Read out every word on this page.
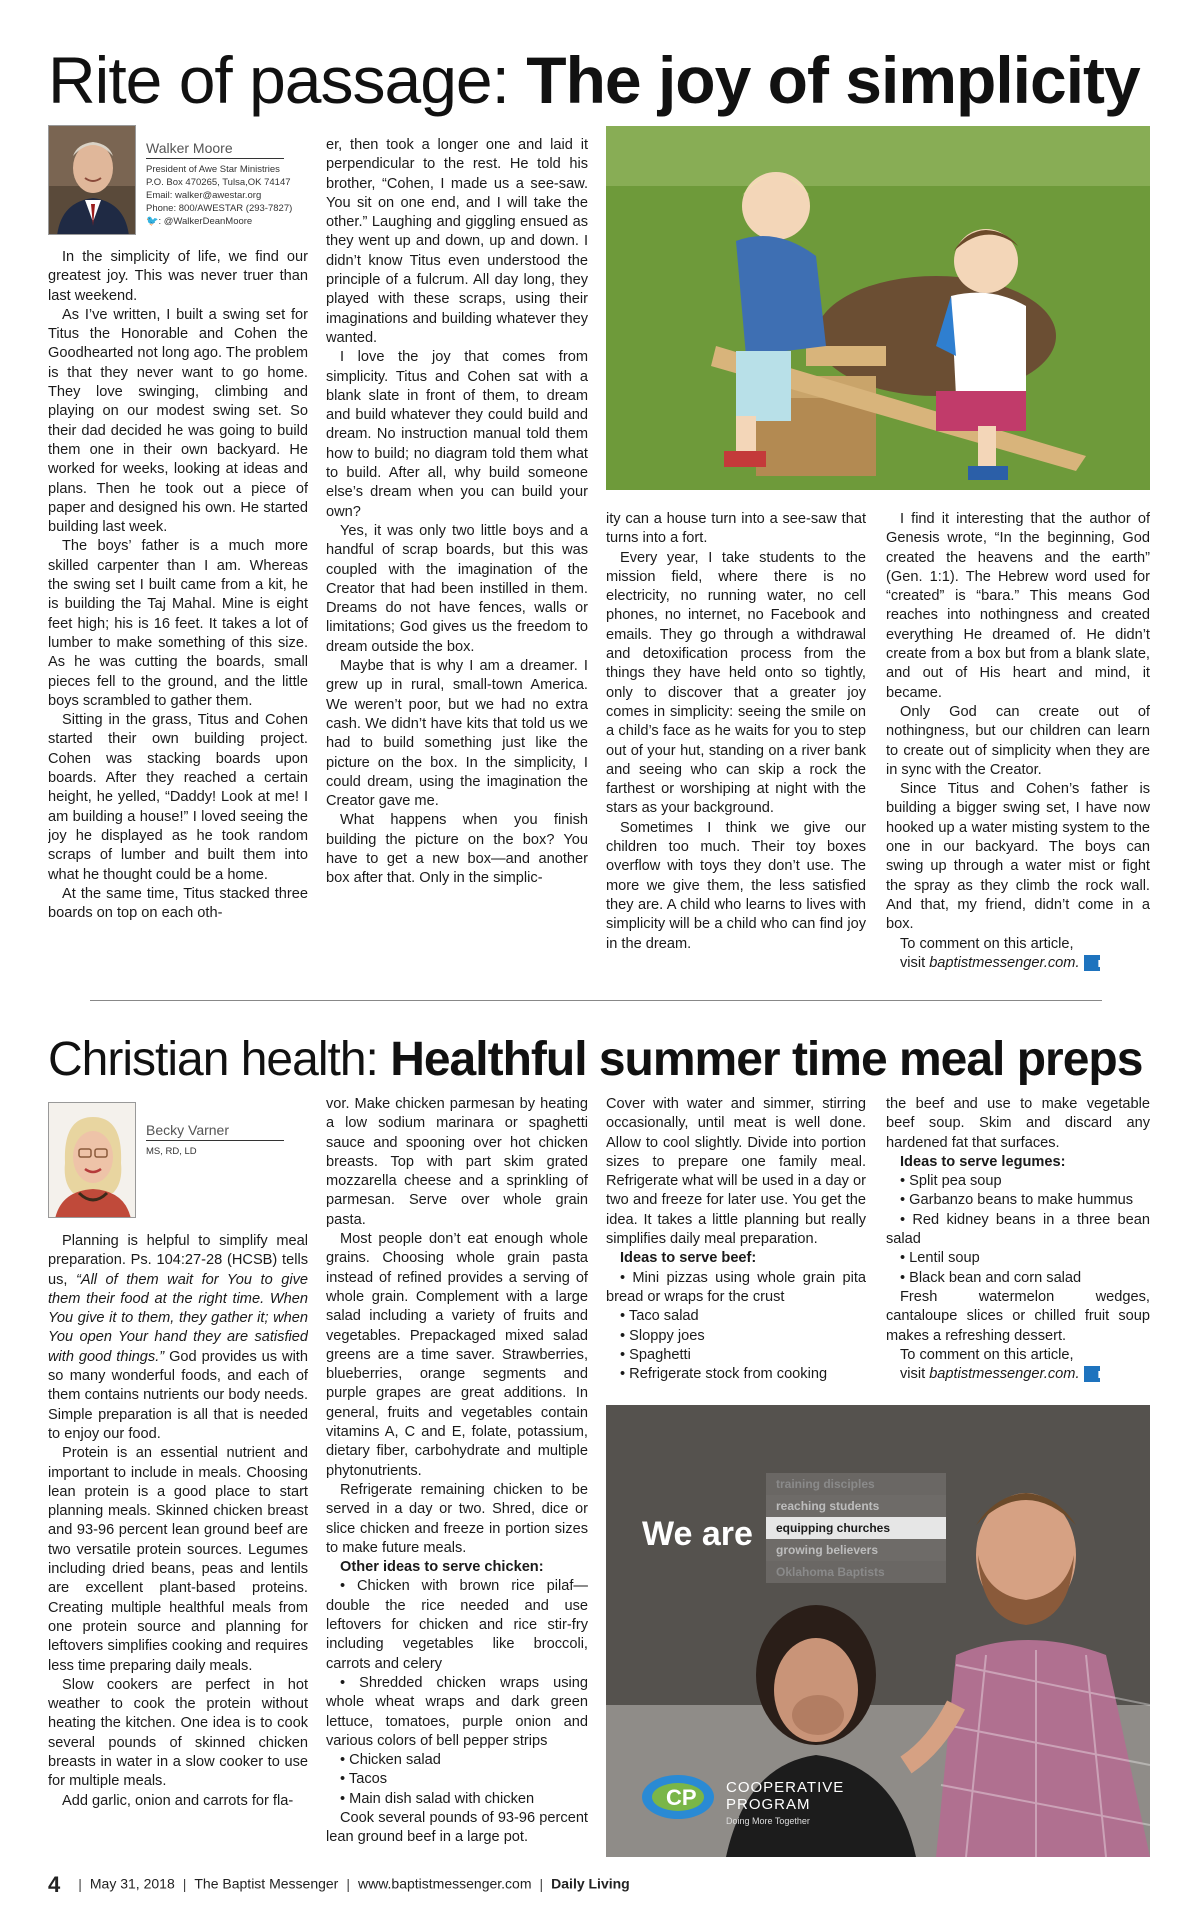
Rite of passage: The joy of simplicity
Walker Moore
President of Awe Star Ministries
P.O. Box 470265, Tulsa,OK 74147
Email: walker@awestar.org
Phone: 800/AWESTAR (293-7827)
🐦: @WalkerDeanMoore

In the simplicity of life, we find our greatest joy. This was never truer than last weekend.

As I’ve written, I built a swing set for Titus the Honorable and Cohen the Goodhearted not long ago. The problem is that they never want to go home. They love swinging, climbing and playing on our modest swing set. So their dad decided he was going to build them one in their own backyard. He worked for weeks, looking at ideas and plans. Then he took out a piece of paper and designed his own. He started building last week.

The boys’ father is a much more skilled carpenter than I am. Whereas the swing set I built came from a kit, he is building the Taj Mahal. Mine is eight feet high; his is 16 feet. It takes a lot of lumber to make something of this size. As he was cutting the boards, small pieces fell to the ground, and the little boys scrambled to gather them.

Sitting in the grass, Titus and Cohen started their own building project. Cohen was stacking boards upon boards. After they reached a certain height, he yelled, “Daddy! Look at me! I am building a house!” I loved seeing the joy he displayed as he took random scraps of lumber and built them into what he thought could be a home.

At the same time, Titus stacked three boards on top on each oth-

er, then took a longer one and laid it perpendicular to the rest. He told his brother, “Cohen, I made us a see-saw. You sit on one end, and I will take the other.” Laughing and giggling ensued as they went up and down, up and down. I didn’t know Titus even understood the principle of a fulcrum. All day long, they played with these scraps, using their imaginations and building whatever they wanted.

I love the joy that comes from simplicity. Titus and Cohen sat with a blank slate in front of them, to dream and build whatever they could build and dream. No instruction manual told them how to build; no diagram told them what to build. After all, why build someone else’s dream when you can build your own?

Yes, it was only two little boys and a handful of scrap boards, but this was coupled with the imagination of the Creator that had been instilled in them. Dreams do not have fences, walls or limitations; God gives us the freedom to dream outside the box.

Maybe that is why I am a dreamer. I grew up in rural, small-town America. We weren’t poor, but we had no extra cash. We didn’t have kits that told us we had to build something just like the picture on the box. In the simplicity, I could dream, using the imagination the Creator gave me.

What happens when you finish building the picture on the box? You have to get a new box—and another box after that. Only in the simplic-

ity can a house turn into a see-saw that turns into a fort.

Every year, I take students to the mission field, where there is no electricity, no running water, no cell phones, no internet, no Facebook and emails. They go through a withdrawal and detoxification process from the things they have held onto so tightly, only to discover that a greater joy comes in simplicity: seeing the smile on a child’s face as he waits for you to step out of your hut, standing on a river bank and seeing who can skip a rock the farthest or worshiping at night with the stars as your background.

Sometimes I think we give our children too much. Their toy boxes overflow with toys they don’t use. The more we give them, the less satisfied they are. A child who learns to lives with simplicity will be a child who can find joy in the dream.

I find it interesting that the author of Genesis wrote, “In the beginning, God created the heavens and the earth” (Gen. 1:1). The Hebrew word used for “created” is “bara.” This means God reaches into nothingness and created everything He dreamed of. He didn’t create from a box but from a blank slate, and out of His heart and mind, it became.

Only God can create out of nothingness, but our children can learn to create out of simplicity when they are in sync with the Creator.

Since Titus and Cohen’s father is building a bigger swing set, I have now hooked up a water misting system to the one in our backyard. The boys can swing up through a water mist or fight the spray as they climb the rock wall. And that, my friend, didn’t come in a box.

To comment on this article,

visit baptistmessenger.com. m

Christian health: Healthful summer time meal preps
Becky Varner
MS, RD, LD

Planning is helpful to simplify meal preparation. Ps. 104:27-28 (HCSB) tells us, “All of them wait for You to give them their food at the right time. When You give it to them, they gather it; when You open Your hand they are satisfied with good things.” God provides us with so many wonderful foods, and each of them contains nutrients our body needs. Simple preparation is all that is needed to enjoy our food.

Protein is an essential nutrient and important to include in meals. Choosing lean protein is a good place to start planning meals. Skinned chicken breast and 93-96 percent lean ground beef are two versatile protein sources. Legumes including dried beans, peas and lentils are excellent plant-based proteins. Creating multiple healthful meals from one protein source and planning for leftovers simplifies cooking and requires less time preparing daily meals.

Slow cookers are perfect in hot weather to cook the protein without heating the kitchen. One idea is to cook several pounds of skinned chicken breasts in water in a slow cooker to use for multiple meals.

Add garlic, onion and carrots for fla-

vor. Make chicken parmesan by heating a low sodium marinara or spaghetti sauce and spooning over hot chicken breasts. Top with part skim grated mozzarella cheese and a sprinkling of parmesan. Serve over whole grain pasta.

Most people don’t eat enough whole grains. Choosing whole grain pasta instead of refined provides a serving of whole grain. Complement with a large salad including a variety of fruits and vegetables. Prepackaged mixed salad greens are a time saver. Strawberries, blueberries, orange segments and purple grapes are great additions. In general, fruits and vegetables contain vitamins A, C and E, folate, potassium, dietary fiber, carbohydrate and multiple phytonutrients.

Refrigerate remaining chicken to be served in a day or two. Shred, dice or slice chicken and freeze in portion sizes to make future meals.

Other ideas to serve chicken:

• Chicken with brown rice pilaf—double the rice needed and use leftovers for chicken and rice stir-fry including vegetables like broccoli, carrots and celery

• Shredded chicken wraps using whole wheat wraps and dark green lettuce, tomatoes, purple onion and various colors of bell pepper strips

• Chicken salad

• Tacos

• Main dish salad with chicken

Cook several pounds of 93-96 percent lean ground beef in a large pot.

Cover with water and simmer, stirring occasionally, until meat is well done. Allow to cool slightly. Divide into portion sizes to prepare one family meal. Refrigerate what will be used in a day or two and freeze for later use. You get the idea. It takes a little planning but really simplifies daily meal preparation.

Ideas to serve beef:

• Mini pizzas using whole grain pita bread or wraps for the crust

• Taco salad

• Sloppy joes

• Spaghetti

• Refrigerate stock from cooking

the beef and use to make vegetable beef soup. Skim and discard any hardened fat that surfaces.

Ideas to serve legumes:

• Split pea soup

• Garbanzo beans to make hummus

• Red kidney beans in a three bean salad

• Lentil soup

• Black bean and corn salad

Fresh watermelon wedges, cantaloupe slices or chilled fruit soup makes a refreshing dessert.

To comment on this article,

visit baptistmessenger.com. m

CP
We are
training disciples
reaching students
equipping churches
growing believers
Oklahoma Baptists
COOPERATIVE
PROGRAM
Doing More Together
4 | May 31, 2018 | The Baptist Messenger | www.baptistmessenger.com | Daily Living
